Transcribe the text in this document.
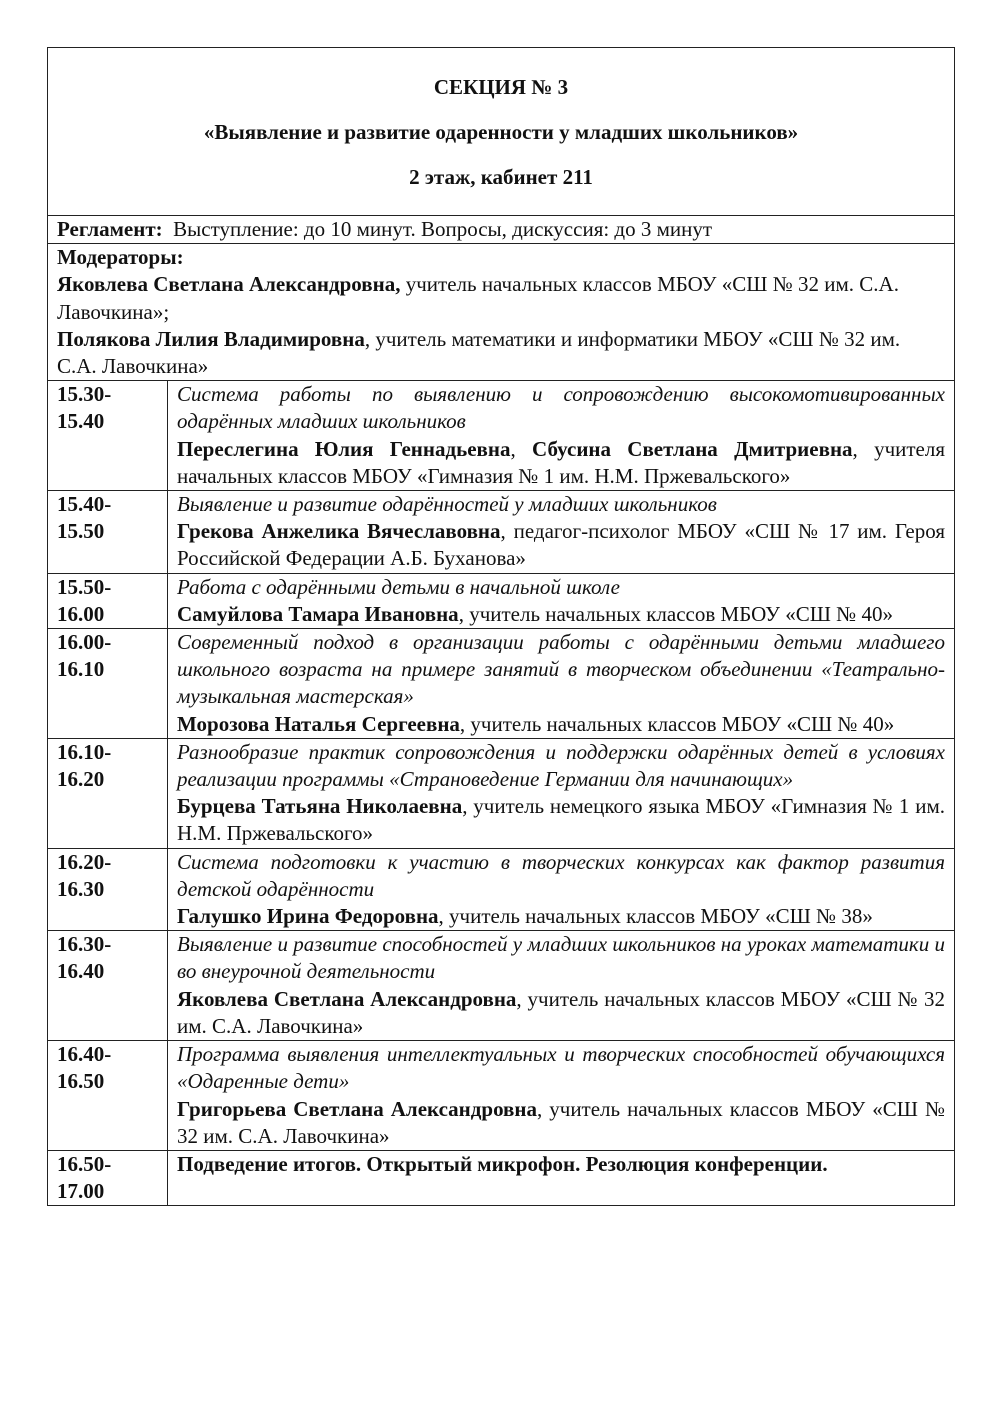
СЕКЦИЯ № 3

«Выявление и развитие одаренности у младших школьников»

2 этаж, кабинет 211	

Регламент: Выступление: до 10 минут. Вопросы, дискуссия: до 3 минут	

Модераторы:
Яковлева Светлана Александровна, учитель начальных классов МБОУ «СШ № 32 им. С.А. Лавочкина»;
Полякова Лилия Владимировна, учитель математики и информатики МБОУ «СШ № 32 им. С.А. Лавочкина»	

15.30-
15.40	Система работы по выявлению и сопровождению высокомотивированных одарённых младших школьников
Переслегина Юлия Геннадьевна, Сбусина Светлана Дмитриевна, учителя начальных классов МБОУ «Гимназия № 1 им. Н.М. Пржевальского»

15.40-
15.50	Выявление и развитие одарённостей у младших школьников
Грекова Анжелика Вячеславовна, педагог-психолог МБОУ «СШ № 17 им. Героя Российской Федерации А.Б. Буханова»

15.50-
16.00	Работа с одарёнными детьми в начальной школе
Самуйлова Тамара Ивановна, учитель начальных классов МБОУ «СШ № 40»

16.00-
16.10	Современный подход в организации работы с одарёнными детьми младшего школьного возраста на примере занятий в творческом объединении «Театрально-музыкальная мастерская»
Морозова Наталья Сергеевна, учитель начальных классов МБОУ «СШ № 40»

16.10-
16.20	Разнообразие практик сопровождения и поддержки одарённых детей в условиях реализации программы «Страноведение Германии для начинающих»
Бурцева Татьяна Николаевна, учитель немецкого языка МБОУ «Гимназия № 1 им. Н.М. Пржевальского»

16.20-
16.30	Система подготовки к участию в творческих конкурсах как фактор развития детской одарённости
Галушко Ирина Федоровна, учитель начальных классов МБОУ «СШ № 38»

16.30-
16.40	Выявление и развитие способностей у младших школьников на уроках математики и во внеурочной деятельности
Яковлева Светлана Александровна, учитель начальных классов МБОУ «СШ № 32 им. С.А. Лавочкина»

16.40-
16.50	Программа выявления интеллектуальных и творческих способностей обучающихся «Одаренные дети»
Григорьева Светлана Александровна, учитель начальных классов МБОУ «СШ № 32 им. С.А. Лавочкина»

16.50-
17.00	Подведение итогов. Открытый микрофон. Резолюция конференции.
